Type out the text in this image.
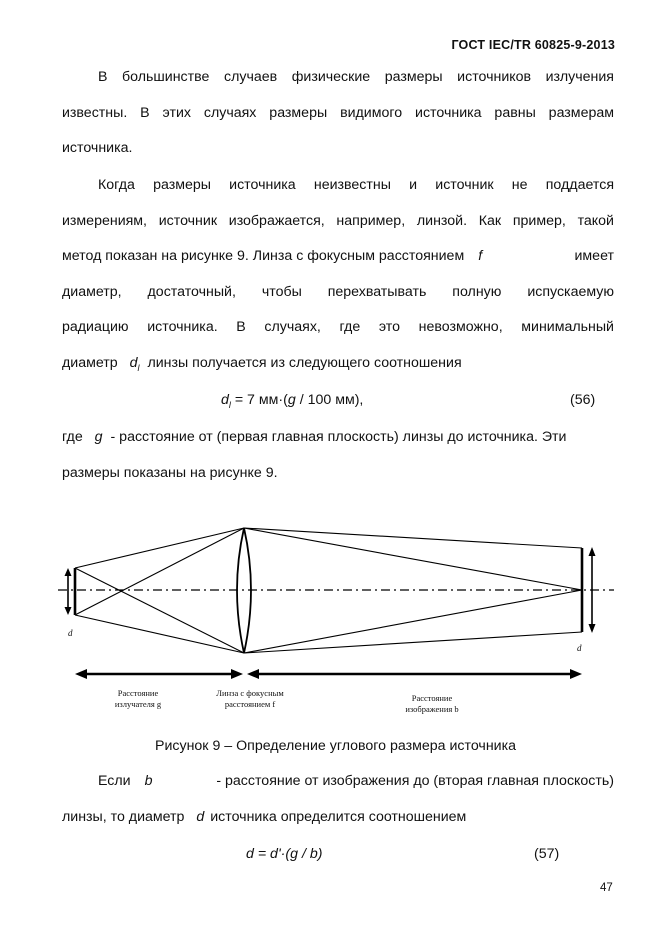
ГОСТ IEC/TR 60825-9-2013
В большинстве случаев физические размеры источников излучения
известны. В этих случаях размеры видимого источника равны размерам
источника.
Когда размеры источника неизвестны и источник не поддается
измерениям, источник изображается, например, линзой. Как пример, такой
метод показан на рисунке 9. Линза с фокусным расстоянием f	имеет
диаметр, достаточный, чтобы перехватывать полную испускаемую
радиацию источника. В случаях, где это невозможно, минимальный
диаметр $d_l$ линзы получается из следующего соотношения
$d_l = 7$ мм·(g / 100 мм),	(56)
где g - расстояние от (первая главная плоскость) линзы до источника. Эти
размеры показаны на рисунке 9.
d
d
Расстояние
излучателя g
Линза с фокусным
расстоянием f
Расстояние
изображения b
Рисунок 9 – Определение углового размера источника
Если b	- расстояние от изображения до (вторая главная плоскость)
линзы, то диаметр d источника определится соотношением
d = d'·(g / b)	(57)
47
